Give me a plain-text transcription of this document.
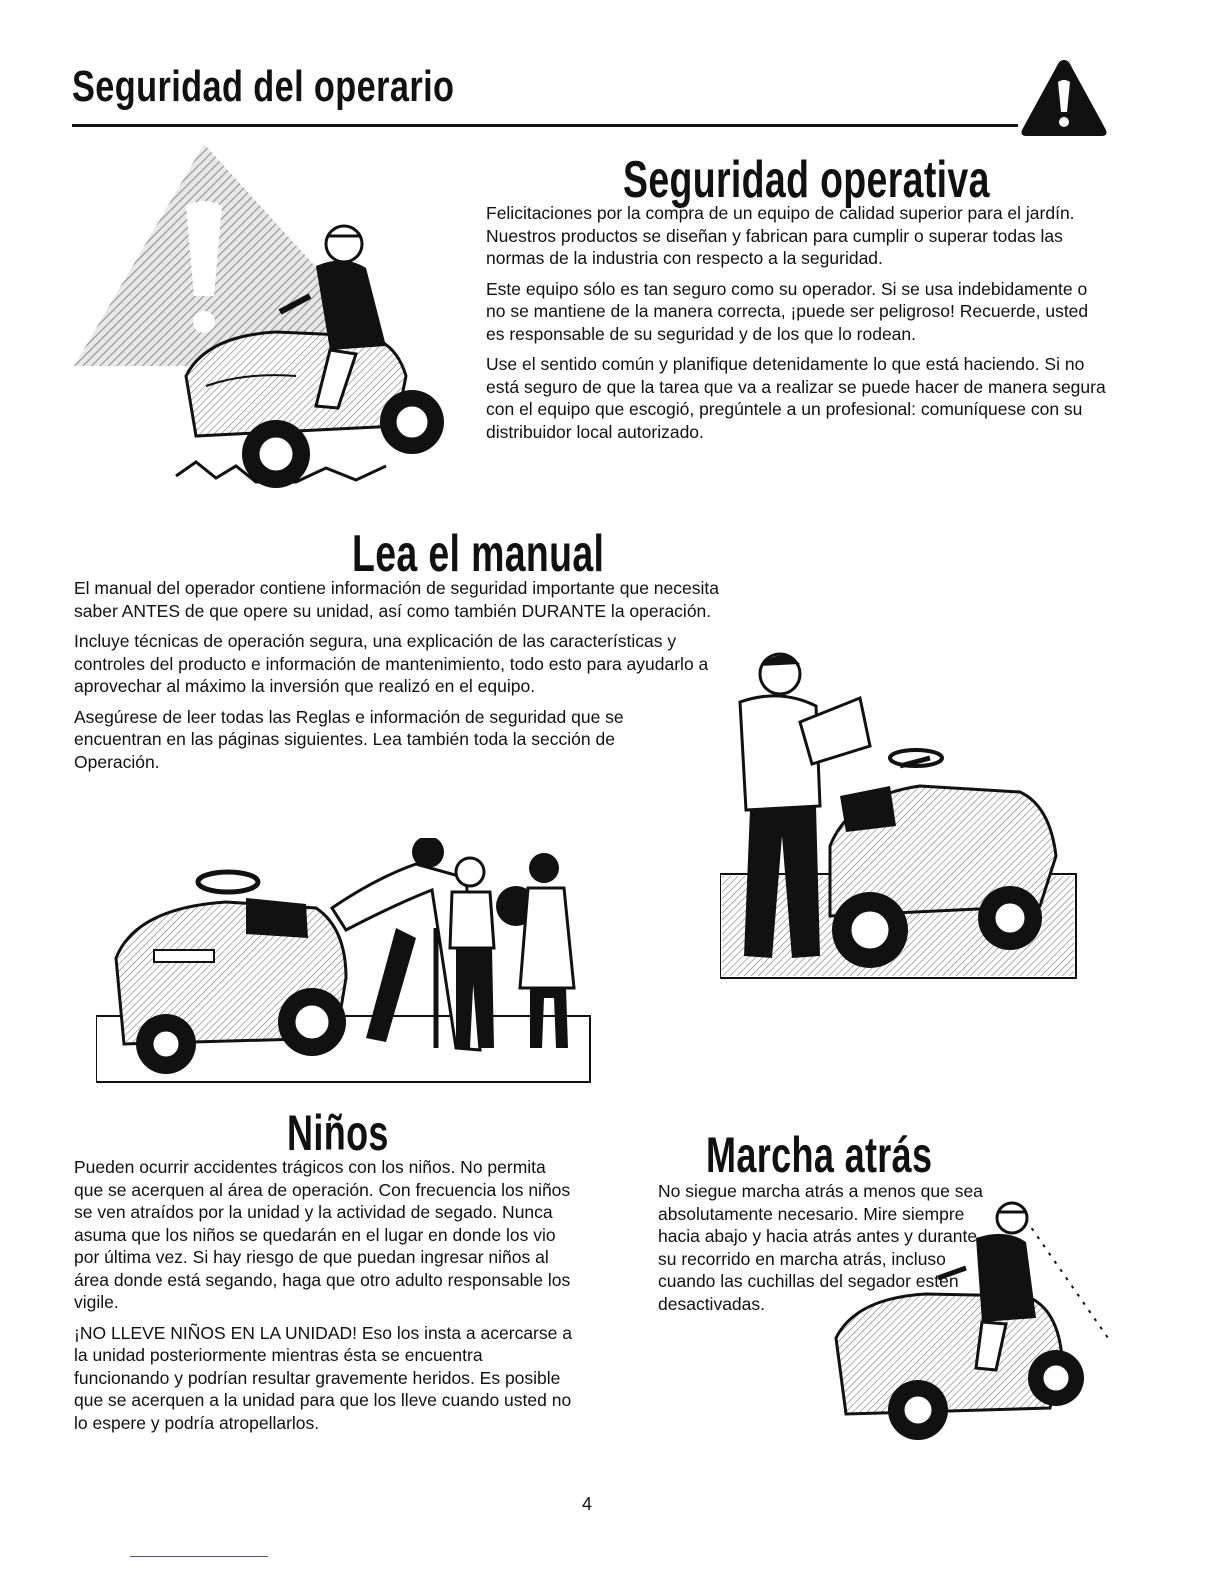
Seguridad del operario
Seguridad operativa

Felicitaciones por la compra de un equipo de calidad superior para el jardín. Nuestros productos se diseñan y fabrican para cumplir o superar todas las normas de la industria con respecto a la seguridad.

Este equipo sólo es tan seguro como su operador. Si se usa indebidamente o no se mantiene de la manera correcta, ¡puede ser peligroso! Recuerde, usted es responsable de su seguridad y de los que lo rodean.

Use el sentido común y planifique detenidamente lo que está haciendo. Si no está seguro de que la tarea que va a realizar se puede hacer de manera segura con el equipo que escogió, pregúntele a un profesional: comuníquese con su distribuidor local autorizado.

Lea el manual

El manual del operador contiene información de seguridad importante que necesita saber ANTES de que opere su unidad, así como también DURANTE la operación.

Incluye técnicas de operación segura, una explicación de las características y controles del producto e información de mantenimiento, todo esto para ayudarlo a aprovechar al máximo la inversión que realizó en el equipo.

Asegúrese de leer todas las Reglas e información de seguridad que se encuentran en las páginas siguientes. Lea también toda la sección de Operación.

Niños

Pueden ocurrir accidentes trágicos con los niños. No permita que se acerquen al área de operación. Con frecuencia los niños se ven atraídos por la unidad y la actividad de segado. Nunca asuma que los niños se quedarán en el lugar en donde los vio por última vez. Si hay riesgo de que puedan ingresar niños al área donde está segando, haga que otro adulto responsable los vigile.

¡NO LLEVE NIÑOS EN LA UNIDAD! Eso los insta a acercarse a la unidad posteriormente mientras ésta se encuentra funcionando y podrían resultar gravemente heridos. Es posible que se acerquen a la unidad para que los lleve cuando usted no lo espere y podría atropellarlos.

Marcha atrás

No siegue marcha atrás a menos que sea absolutamente necesario. Mire siempre hacia abajo y hacia atrás antes y durante su recorrido en marcha atrás, incluso cuando las cuchillas del segador estén desactivadas.

4
